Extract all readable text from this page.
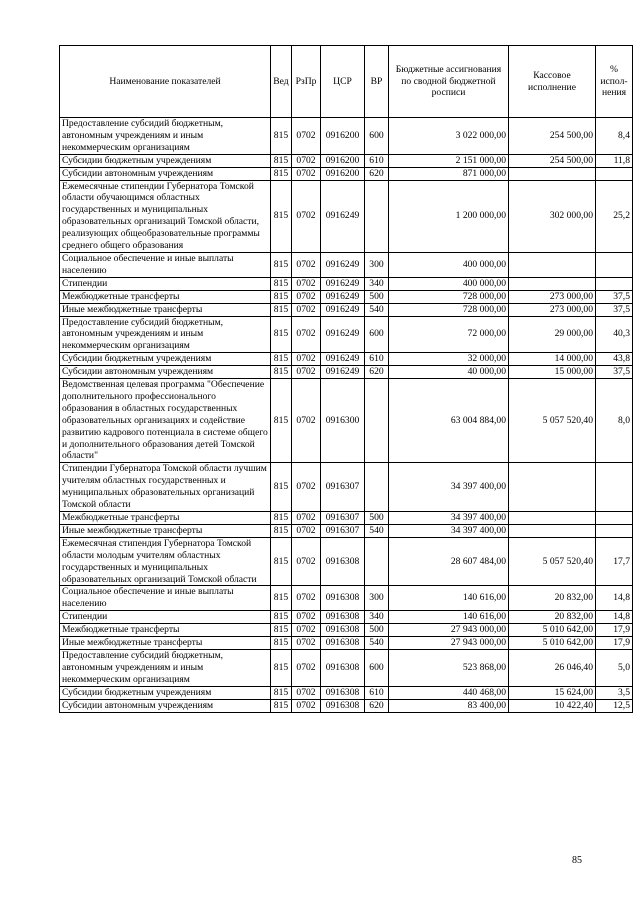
Наименование показателей	Вед	РзПр	ЦСР	ВР	Бюджетные ассигнования по сводной бюджетной росписи	Кассовое исполнение	% испол-нения
Предоставление субсидий бюджетным, автономным учреждениям и иным некоммерческим организациям	815	0702	0916200	600	3 022 000,00	254 500,00	8,4
Субсидии бюджетным учреждениям	815	0702	0916200	610	2 151 000,00	254 500,00	11,8
Субсидии автономным учреждениям	815	0702	0916200	620	871 000,00		
Ежемесячные стипендии Губернатора Томской области обучающимся областных государственных и муниципальных образовательных организаций Томской области, реализующих общеобразовательные программы среднего общего образования	815	0702	0916249		1 200 000,00	302 000,00	25,2
Социальное обеспечение и иные выплаты населению	815	0702	0916249	300	400 000,00		
Стипендии	815	0702	0916249	340	400 000,00		
Межбюджетные трансферты	815	0702	0916249	500	728 000,00	273 000,00	37,5
Иные межбюджетные трансферты	815	0702	0916249	540	728 000,00	273 000,00	37,5
Предоставление субсидий бюджетным, автономным учреждениям и иным некоммерческим организациям	815	0702	0916249	600	72 000,00	29 000,00	40,3
Субсидии бюджетным учреждениям	815	0702	0916249	610	32 000,00	14 000,00	43,8
Субсидии автономным учреждениям	815	0702	0916249	620	40 000,00	15 000,00	37,5
Ведомственная целевая программа "Обеспечение дополнительного профессионального образования в областных государственных образовательных организациях и содействие развитию кадрового потенциала в системе общего и дополнительного образования детей Томской области"	815	0702	0916300		63 004 884,00	5 057 520,40	8,0
Стипендии Губернатора Томской области лучшим учителям областных государственных и муниципальных образовательных организаций Томской области	815	0702	0916307		34 397 400,00		
Межбюджетные трансферты	815	0702	0916307	500	34 397 400,00		
Иные межбюджетные трансферты	815	0702	0916307	540	34 397 400,00		
Ежемесячная стипендия Губернатора Томской области молодым учителям областных государственных и муниципальных образовательных организаций Томской области	815	0702	0916308		28 607 484,00	5 057 520,40	17,7
Социальное обеспечение и иные выплаты населению	815	0702	0916308	300	140 616,00	20 832,00	14,8
Стипендии	815	0702	0916308	340	140 616,00	20 832,00	14,8
Межбюджетные трансферты	815	0702	0916308	500	27 943 000,00	5 010 642,00	17,9
Иные межбюджетные трансферты	815	0702	0916308	540	27 943 000,00	5 010 642,00	17,9
Предоставление субсидий бюджетным, автономным учреждениям и иным некоммерческим организациям	815	0702	0916308	600	523 868,00	26 046,40	5,0
Субсидии бюджетным учреждениям	815	0702	0916308	610	440 468,00	15 624,00	3,5
Субсидии автономным учреждениям	815	0702	0916308	620	83 400,00	10 422,40	12,5
85
